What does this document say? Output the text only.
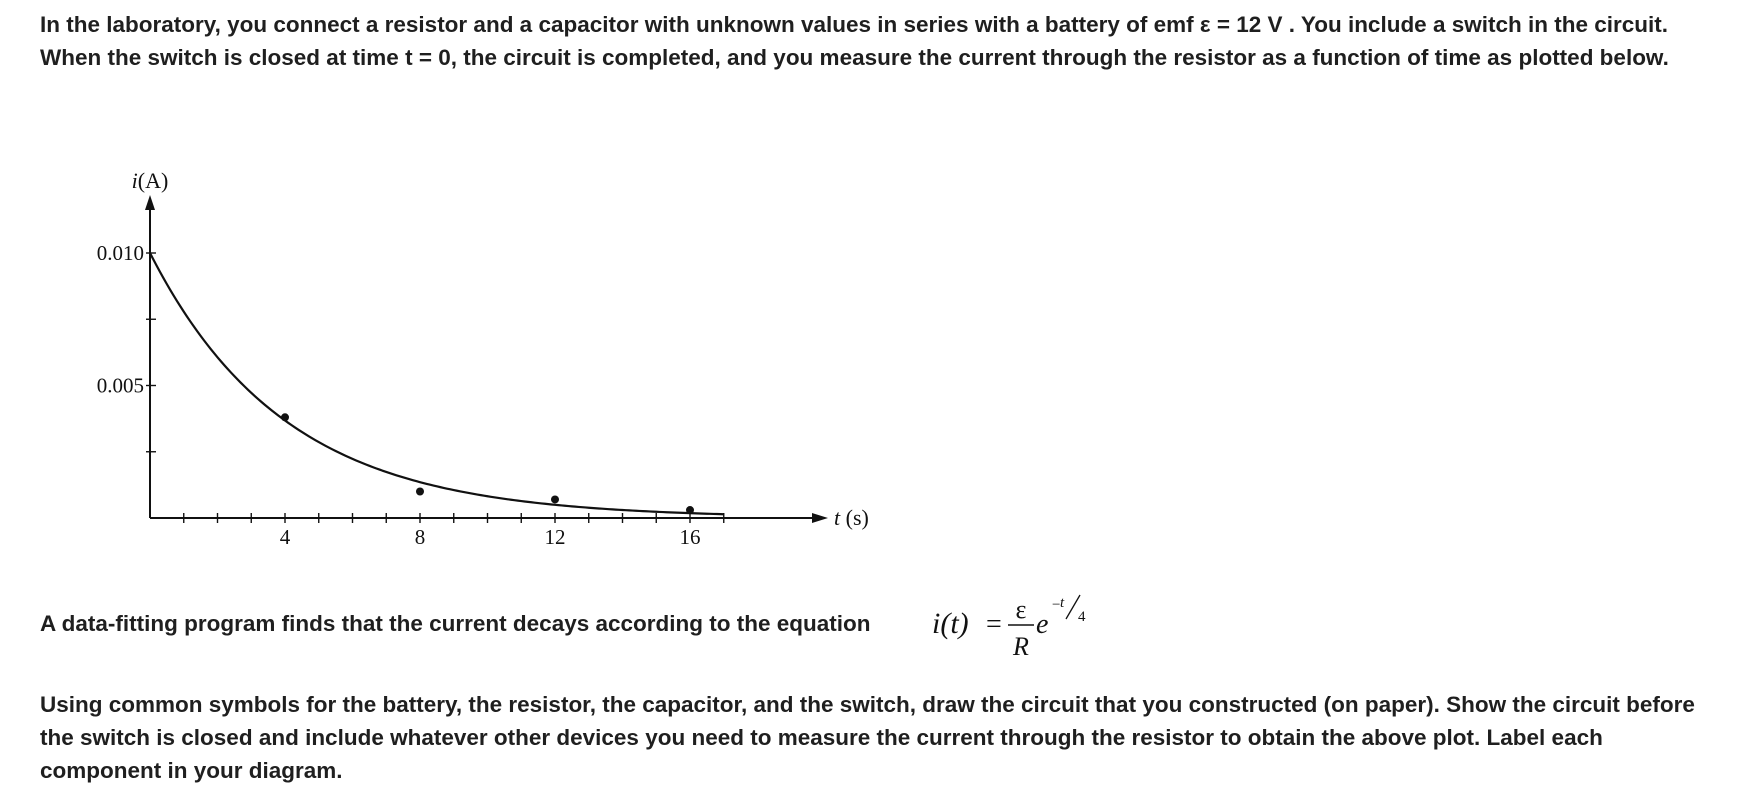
In the laboratory, you connect a resistor and a capacitor with unknown values in series with a battery of emf ε = 12 V . You include a switch in the circuit. When the switch is closed at time t = 0, the circuit is completed, and you measure the current through the resistor as a function of time as plotted below.

4	8	12	16
0.005
0.010
i(A)
t (s)
A data-fitting program finds that the current decays according to the equation i(t) = ε
R
e
− t
4

Using common symbols for the battery, the resistor, the capacitor, and the switch, draw the circuit that you constructed (on paper). Show the circuit before the switch is closed and include whatever other devices you need to measure the current through the resistor to obtain the above plot. Label each component in your diagram.
